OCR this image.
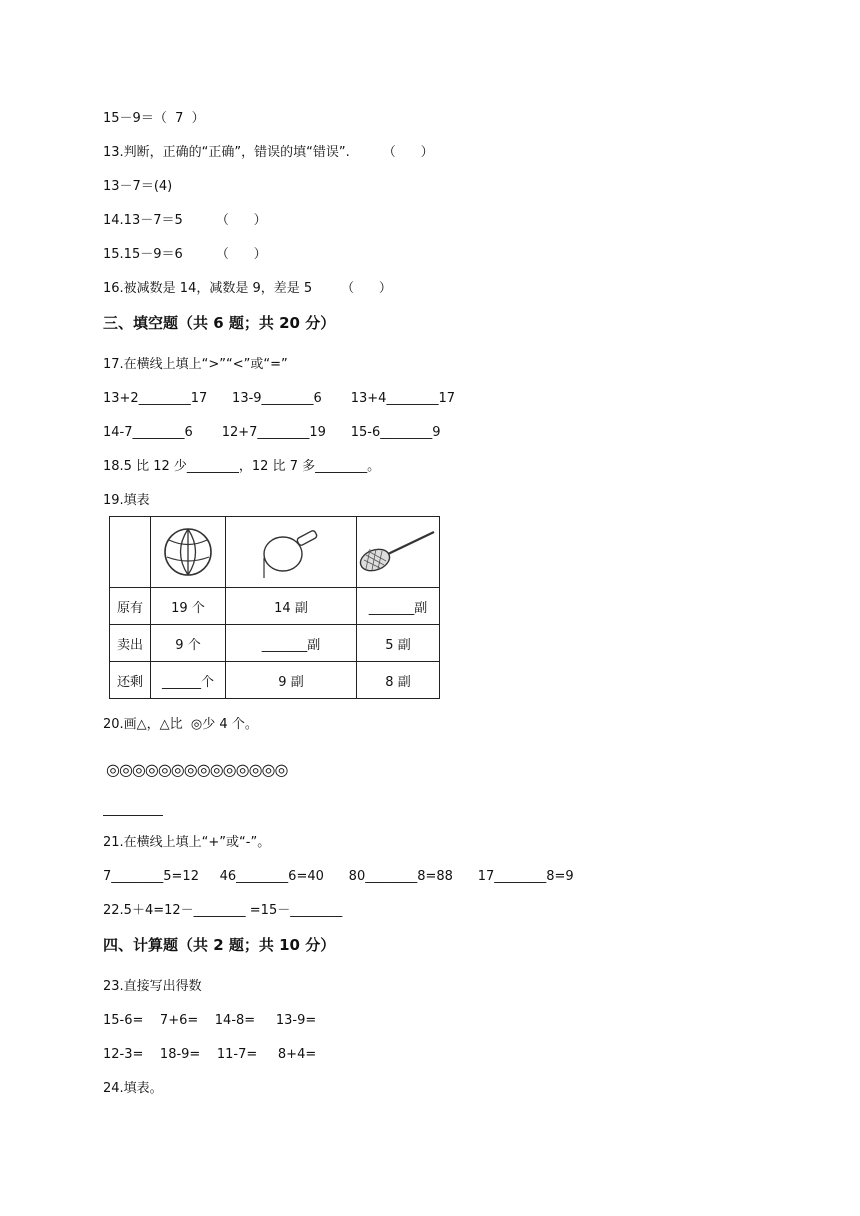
15－9＝（  7  ）
13.判断，正确的“正确”，错误的填“错误”.        （      ）
13－7＝(4)
14.13－7＝5        （      ）
15.15－9＝6        （      ）
16.被减数是 14，减数是 9，差是 5       （      ）
三、填空题（共 6 题；共 20 分）
17.在横线上填上“>”“<”或“=”
13+2________17      13-9________6       13+4________17
14-7________6       12+7________19      15-6________9
18.5 比 12 少________，12 比 7 多________。
19.填表

原有	19 个	14 副	_______副
卖出	9 个	_______副	5 副
还剩	______个	9 副	8 副
20.画△，△比  ◎少 4 个。
◎◎◎◎◎◎◎◎◎◎◎◎◎◎
21.在横线上填上“+”或“-”。
7________5=12     46________6=40      80________8=88      17________8=9
22.5＋4=12－________ =15－________
四、计算题（共 2 题；共 10 分）
23.直接写出得数
15-6=    7+6=    14-8=     13-9=
12-3=    18-9=    11-7=     8+4=
24.填表。
